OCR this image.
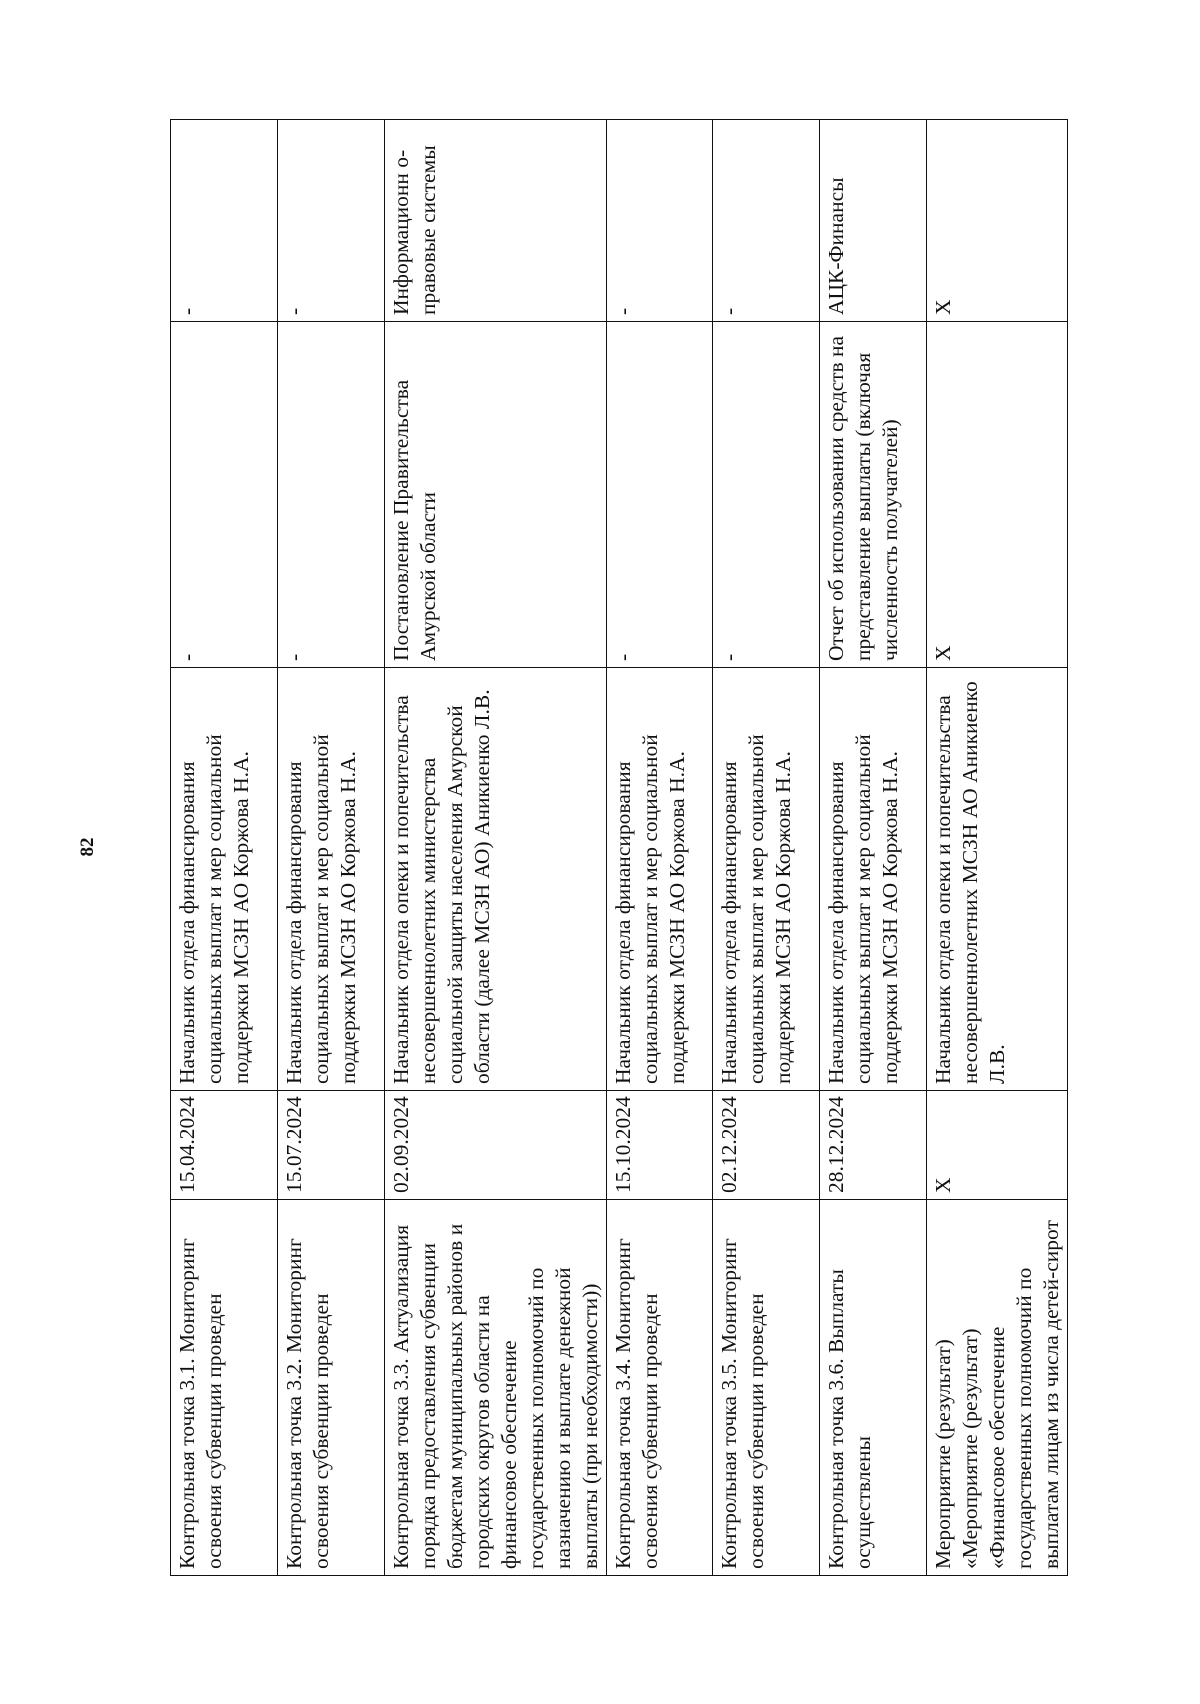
82
Контрольная точка 3.1. Мониторинг освоения субвенции проведен	15.04.2024	Начальник отдела финансирования социальных выплат и мер социальной поддержки МСЗН АО Коржова Н.А.	-	-
Контрольная точка 3.2. Мониторинг освоения субвенции проведен	15.07.2024	Начальник отдела финансирования социальных выплат и мер социальной поддержки МСЗН АО Коржова Н.А.	-	-
Контрольная точка 3.3. Актуализация порядка предоставления субвенции бюджетам муниципальных районов и городских округов области на финансовое обеспечение государственных полномочий по назначению и выплате денежной выплаты (при необходимости))	02.09.2024	Начальник отдела опеки и попечительства несовершеннолетних министерства социальной защиты населения Амурской области (далее МСЗН АО) Аникиенко Л.В.	Постановление Правительства Амурской области	Информационн о-правовые системы
Контрольная точка 3.4. Мониторинг освоения субвенции проведен	15.10.2024	Начальник отдела финансирования социальных выплат и мер социальной поддержки МСЗН АО Коржова Н.А.	-	-
Контрольная точка 3.5. Мониторинг освоения субвенции проведен	02.12.2024	Начальник отдела финансирования социальных выплат и мер социальной поддержки МСЗН АО Коржова Н.А.	-	-
Контрольная точка 3.6. Выплаты осуществлены	28.12.2024	Начальник отдела финансирования социальных выплат и мер социальной поддержки МСЗН АО Коржова Н.А.	Отчет об использовании средств на представление выплаты (включая численность получателей)	АЦК-Финансы
Мероприятие (результат) «Мероприятие (результат) «Финансовое обеспечение государственных полномочий по выплатам лицам из числа детей-сирот	X	Начальник отдела опеки и попечительства несовершеннолетних МСЗН АО Аникиенко Л.В.	X	X
